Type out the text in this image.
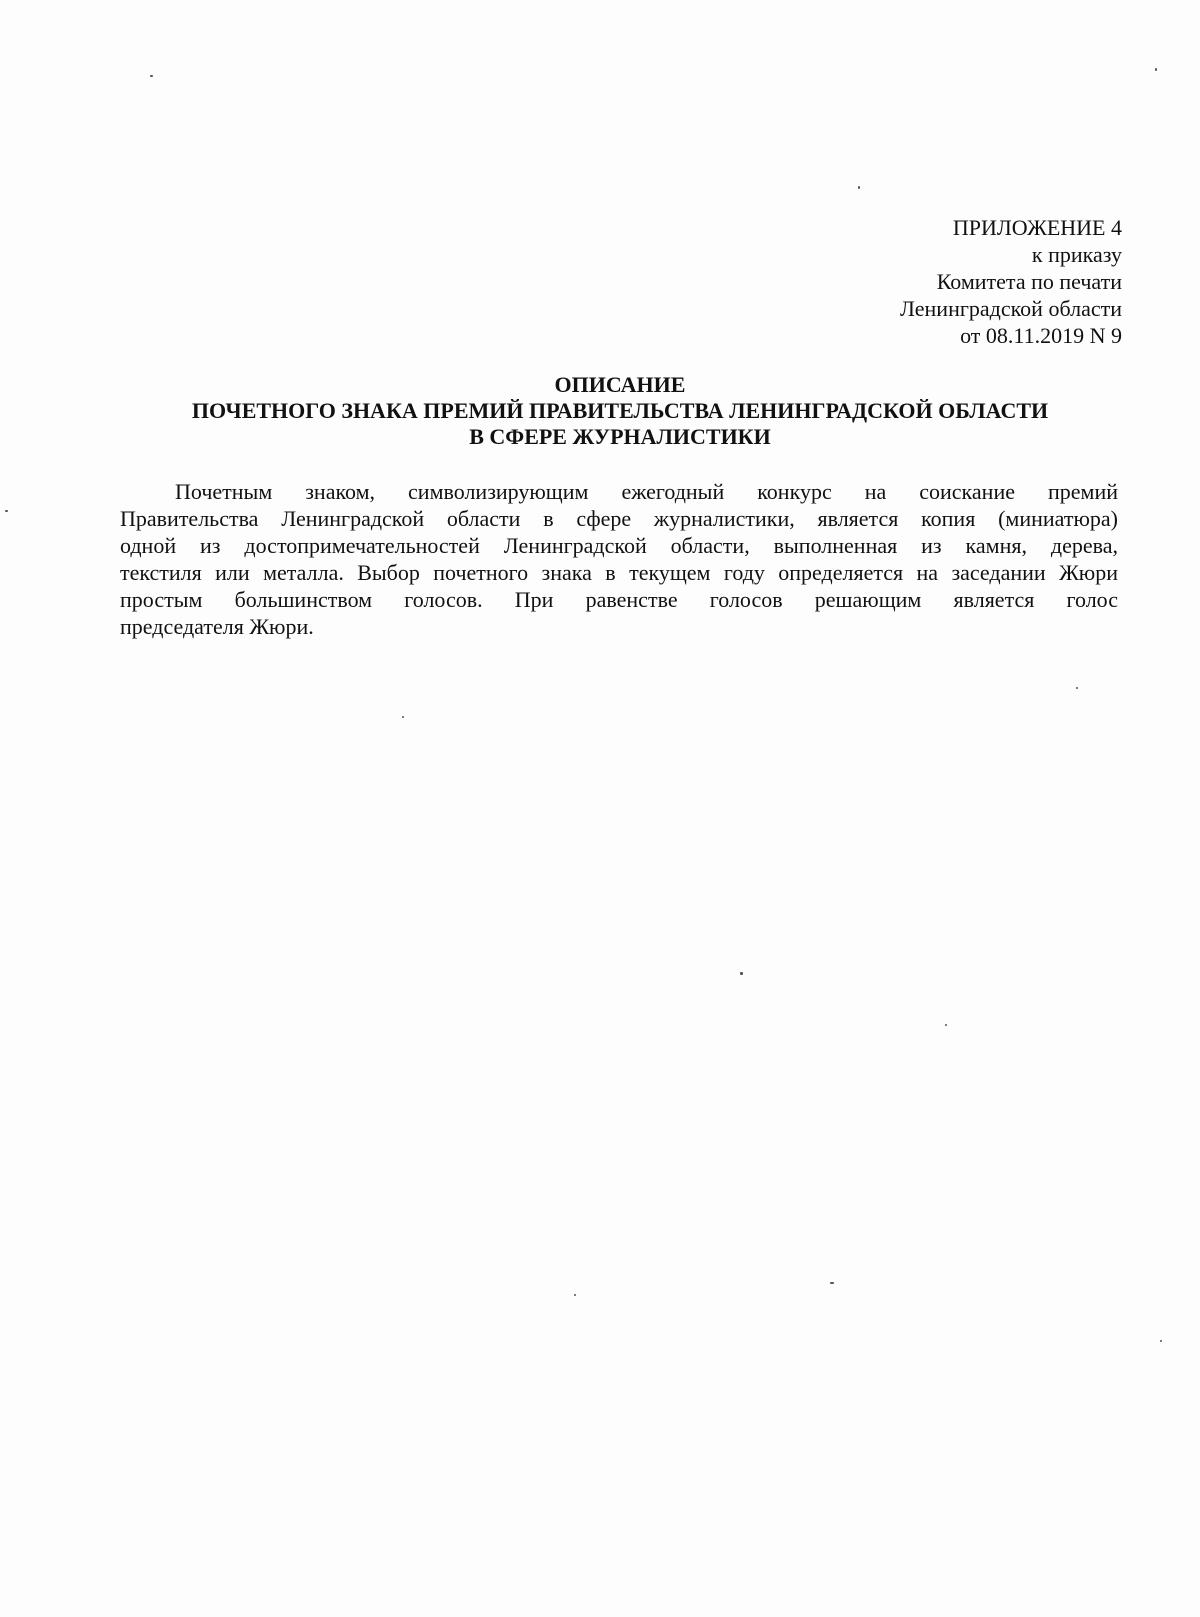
ПРИЛОЖЕНИЕ 4
к приказу
Комитета по печати
Ленинградской области
от 08.11.2019 N 9
ОПИСАНИЕ
ПОЧЕТНОГО ЗНАКА ПРЕМИЙ ПРАВИТЕЛЬСТВА ЛЕНИНГРАДСКОЙ ОБЛАСТИ
В СФЕРЕ ЖУРНАЛИСТИКИ
Почетным знаком, символизирующим ежегодный конкурс на соискание премий
Правительства Ленинградской области в сфере журналистики, является копия (миниатюра)
одной из достопримечательностей Ленинградской области, выполненная из камня, дерева,
текстиля или металла. Выбор почетного знака в текущем году определяется на заседании Жюри
простым большинством голосов. При равенстве голосов решающим является голос
председателя Жюри.
